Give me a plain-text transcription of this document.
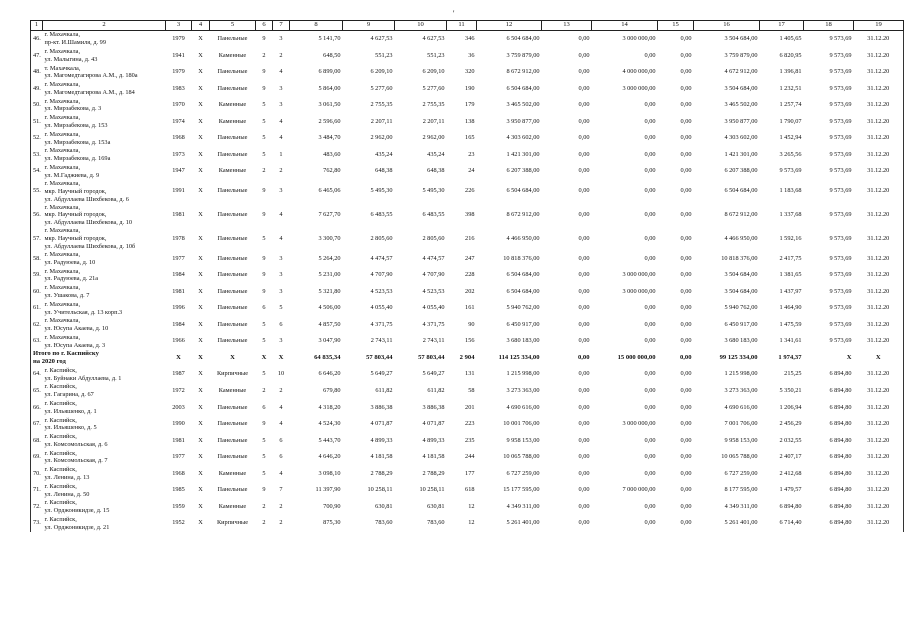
'
1	2	3	4	5	6	7	8	9	10	11	12	13	14	15	16	17	18	19
46.	г. Махачкала,
пр-кт. И.Шамиля, д. 99	1979	Х	Панельные	9	3	5 141,70	4 627,53	4 627,53	346	6 504 684,00	0,00	3 000 000,00	0,00	3 504 684,00	1 405,65	9 573,69	31.12.20
47.	г. Махачкала,
ул. Малыгина, д. 43	1941	Х	Каменные	2	2	648,50	551,23	551,23	36	3 759 879,00	0,00	0,00	0,00	3 759 879,00	6 820,95	9 573,69	31.12.20
48.	т. Махачкала,
ул. Магомедтагирова А.М., д. 180а	1979	Х	Панельные	9	4	6 899,00	6 209,10	6 209,10	320	8 672 912,00	0,00	4 000 000,00	0,00	4 672 912,00	1 396,81	9 573,69	31.12.20
49.	г. Махачкала,
ул. Магомедтагирова А.М., д. 184	1983	Х	Панельные	9	3	5 864,00	5 277,60	5 277,60	190	6 504 684,00	0,00	3 000 000,00	0,00	3 504 684,00	1 232,51	9 573,69	31.12.20
50.	г. Махачкала,
ул. Мирзабекова, д. 3	1970	Х	Каменные	5	3	3 061,50	2 755,35	2 755,35	179	3 465 502,00	0,00	0,00	0,00	3 465 502,00	1 257,74	9 573,69	31.12.20
51.	г. Махачкала,
ул. Мирзабекова, д. 153	1974	Х	Каменные	5	4	2 596,60	2 207,11	2 207,11	138	3 950 877,00	0,00	0,00	0,00	3 950 877,00	1 790,07	9 573,69	31.12.20
52.	г. Махачкала,
ул. Мирзабекова, д. 153а	1968	Х	Панельные	5	4	3 484,70	2 962,00	2 962,00	165	4 303 602,00	0,00	0,00	0,00	4 303 602,00	1 452,94	9 573,69	31.12.20
53.	г. Махачкала,
ул. Мирзабекова, д. 169а	1973	Х	Панельные	5	1	483,60	435,24	435,24	23	1 421 301,00	0,00	0,00	0,00	1 421 301,00	3 265,56	9 573,69	31.12.20
54.	г. Махачкала,
ул. М.Гаджиева, д. 9	1947	Х	Каменные	2	2	762,80	648,38	648,38	24	6 207 388,00	0,00	0,00	0,00	6 207 388,00	9 573,69	9 573,69	31.12.20
55.	г. Махачкала,
мкр. Научный городок,
ул. Абдуллаева Шихбекова, д. 6	1991	Х	Панельные	9	3	6 465,06	5 495,30	5 495,30	226	6 504 684,00	0,00	0,00	0,00	6 504 684,00	1 183,68	9 573,69	31.12.20
56.	г. Махачкала,
мкр. Научный городок,
ул. Абдуллаева Шихбекова, д. 10	1981	Х	Панельные	9	4	7 627,70	6 483,55	6 483,55	398	8 672 912,00	0,00	0,00	0,00	8 672 912,00	1 337,68	9 573,69	31.12.20
57.	г. Махачкала,
мкр. Научный городок,
ул. Абдуллаева Шихбекова, д. 10б	1978	Х	Панельные	5	4	3 300,70	2 805,60	2 805,60	216	4 466 950,00	0,00	0,00	0,00	4 466 950,00	1 592,16	9 573,69	31.12.20
58.	г. Махачкала,
ул. Радуюева, д. 10	1977	Х	Панельные	9	3	5 264,20	4 474,57	4 474,57	247	10 818 376,00	0,00	0,00	0,00	10 818 376,00	2 417,75	9 573,69	31.12.20
59.	г. Махачкала,
ул. Радуюева, д. 21а	1984	Х	Панельные	9	3	5 231,00	4 707,90	4 707,90	228	6 504 684,00	0,00	3 000 000,00	0,00	3 504 684,00	1 381,65	9 573,69	31.12.20
60.	г. Махачкала,
ул. Ушакова, д. 7	1981	Х	Панельные	9	3	5 321,80	4 523,53	4 523,53	202	6 504 684,00	0,00	3 000 000,00	0,00	3 504 684,00	1 437,97	9 573,69	31.12.20
61.	г. Махачкала,
ул. Учительская, д. 13 корп.3	1996	Х	Панельные	6	5	4 506,00	4 055,40	4 055,40	161	5 940 762,00	0,00	0,00	0,00	5 940 762,00	1 464,90	9 573,69	31.12.20
62.	г. Махачкала,
ул. Юсупа Акаева, д. 10	1984	Х	Панельные	5	6	4 857,50	4 371,75	4 371,75	90	6 450 917,00	0,00	0,00	0,00	6 450 917,00	1 475,59	9 573,69	31.12.20
63.	г. Махачкала,
ул. Юсупа Акаева, д. 3	1966	Х	Панельные	5	3	3 047,90	2 743,11	2 743,11	156	3 680 183,00	0,00	0,00	0,00	3 680 183,00	1 341,61	9 573,69	31.12.20
Итого по г. Каспийску
на 2020 год		Х	Х	Х	Х	Х	64 835,34	57 803,44	57 803,44	2 904	114 125 334,00	0,00	15 000 000,00	0,00	99 125 334,00	1 974,37	Х	Х
64.	г. Каспийск,
ул. Буйнаки Абдуллаева, д. 1	1987	Х	Кирпичные	5	10	6 646,20	5 649,27	5 649,27	131	1 215 998,00	0,00	0,00	0,00	1 215 998,00	215,25	6 894,80	31.12.20
65.	г. Каспийск,
ул. Гагарина, д. 67	1972	Х	Каменные	2	2	679,80	611,82	611,82	58	3 273 363,00	0,00	0,00	0,00	3 273 363,00	5 350,21	6 894,80	31.12.20
66.	г. Каспийск,
ул. Ильяшенко, д. 1	2003	Х	Панельные	6	4	4 318,20	3 886,38	3 886,38	201	4 690 616,00	0,00	0,00	0,00	4 690 616,00	1 206,94	6 894,80	31.12.20
67.	г. Каспийск,
ул. Ильяшенко, д. 5	1990	Х	Панельные	9	4	4 524,30	4 071,87	4 071,87	223	10 001 706,00	0,00	3 000 000,00	0,00	7 001 706,00	2 456,29	6 894,80	31.12.20
68.	г. Каспийск,
ул. Комсомольская, д. 6	1981	Х	Панельные	5	6	5 443,70	4 899,33	4 899,33	235	9 958 153,00	0,00	0,00	0,00	9 958 153,00	2 032,55	6 894,80	31.12.20
69.	г. Каспийск,
ул. Комсомольская, д. 7	1977	Х	Панельные	5	6	4 646,20	4 181,58	4 181,58	244	10 065 788,00	0,00	0,00	0,00	10 065 788,00	2 407,17	6 894,80	31.12.20
70.	г. Каспийск,
ул. Ленина, д. 13	1968	Х	Каменные	5	4	3 098,10	2 788,29	2 788,29	177	6 727 259,00	0,00	0,00	0,00	6 727 259,00	2 412,68	6 894,80	31.12.20
71.	г. Каспийск,
ул. Ленина, д. 50	1985	Х	Панельные	9	7	11 397,90	10 258,11	10 258,11	618	15 177 595,00	0,00	7 000 000,00	0,00	8 177 595,00	1 479,57	6 894,80	31.12.20
72.	г. Каспийск,
ул. Орджоникидзе, д. 15	1959	Х	Каменные	2	2	700,90	630,81	630,81	12	4 349 311,00	0,00	0,00	0,00	4 349 311,00	6 894,80	6 894,80	31.12.20
73.	г. Каспийск,
ул. Орджоникидзе, д. 21	1952	Х	Кирпичные	2	2	875,30	783,60	783,60	12	5 261 401,00	0,00	0,00	0,00	5 261 401,00	6 714,40	6 894,80	31.12.20
